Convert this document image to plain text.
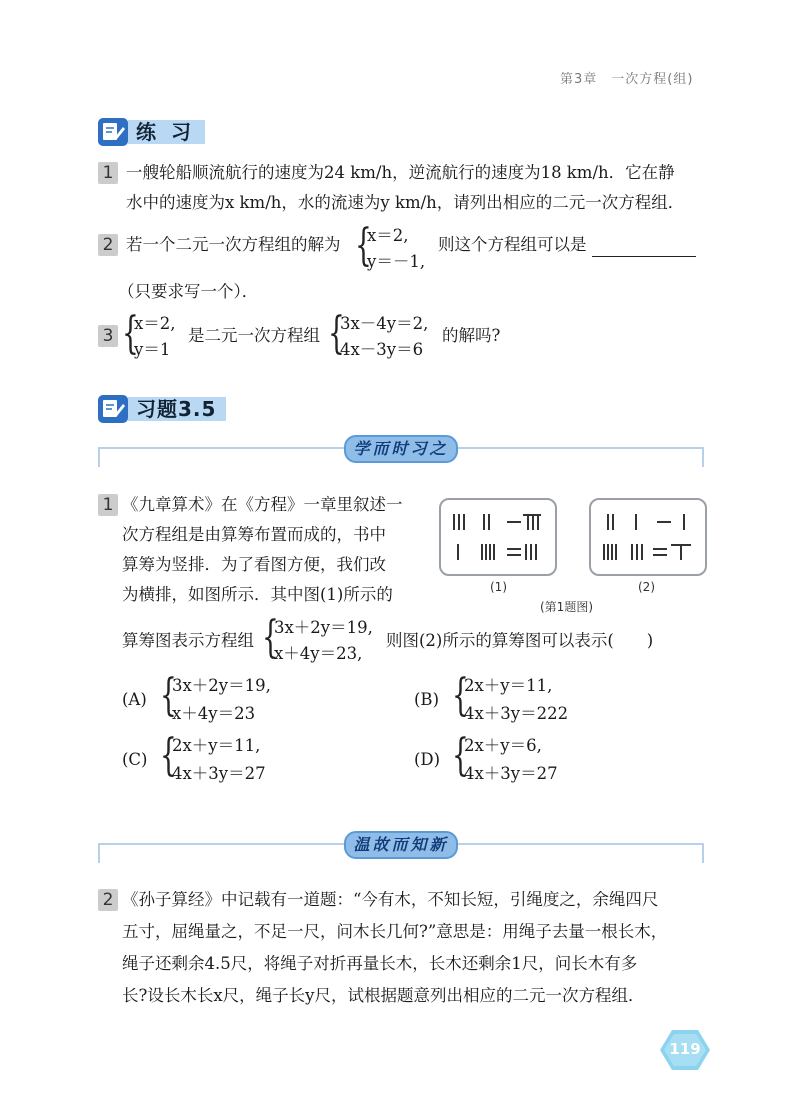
第3章　一次方程(组)
练 习
1 一艘轮船顺流航行的速度为24 km/h，逆流航行的速度为18 km/h．它在静
水中的速度为x km/h，水的流速为y km/h，请列出相应的二元一次方程组．
2 若一个二元一次方程组的解为 {
x＝2,
y＝－1,
则这个方程组可以是
（只要求写一个）．
3 {
x＝2,
y＝1
是二元一次方程组 {
3x－4y＝2,
4x－3y＝6
的解吗?
习题3.5
学而时习之
1 《九章算术》在《方程》一章里叙述一
次方程组是由算筹布置而成的，书中
算筹为竖排．为了看图方便，我们改
为横排，如图所示．其中图(1)所示的	(1)	(2)
(第1题图)
算筹图表示方程组 {
3x＋2y＝19,
x＋4y＝23,
则图(2)所示的算筹图可以表示(　　)
(A) {
3x＋2y＝19,
x＋4y＝23
(B) {
2x＋y＝11,
4x＋3y＝222
(C) {
2x＋y＝11,
4x＋3y＝27
(D) {
2x＋y＝6,
4x＋3y＝27
温故而知新
2 《孙子算经》中记载有一道题：“今有木，不知长短，引绳度之，余绳四尺
五寸，屈绳量之，不足一尺，问木长几何?”意思是：用绳子去量一根长木，
绳子还剩余4.5尺，将绳子对折再量长木，长木还剩余1尺，问长木有多
长?设长木长x尺，绳子长y尺，试根据题意列出相应的二元一次方程组．
119
